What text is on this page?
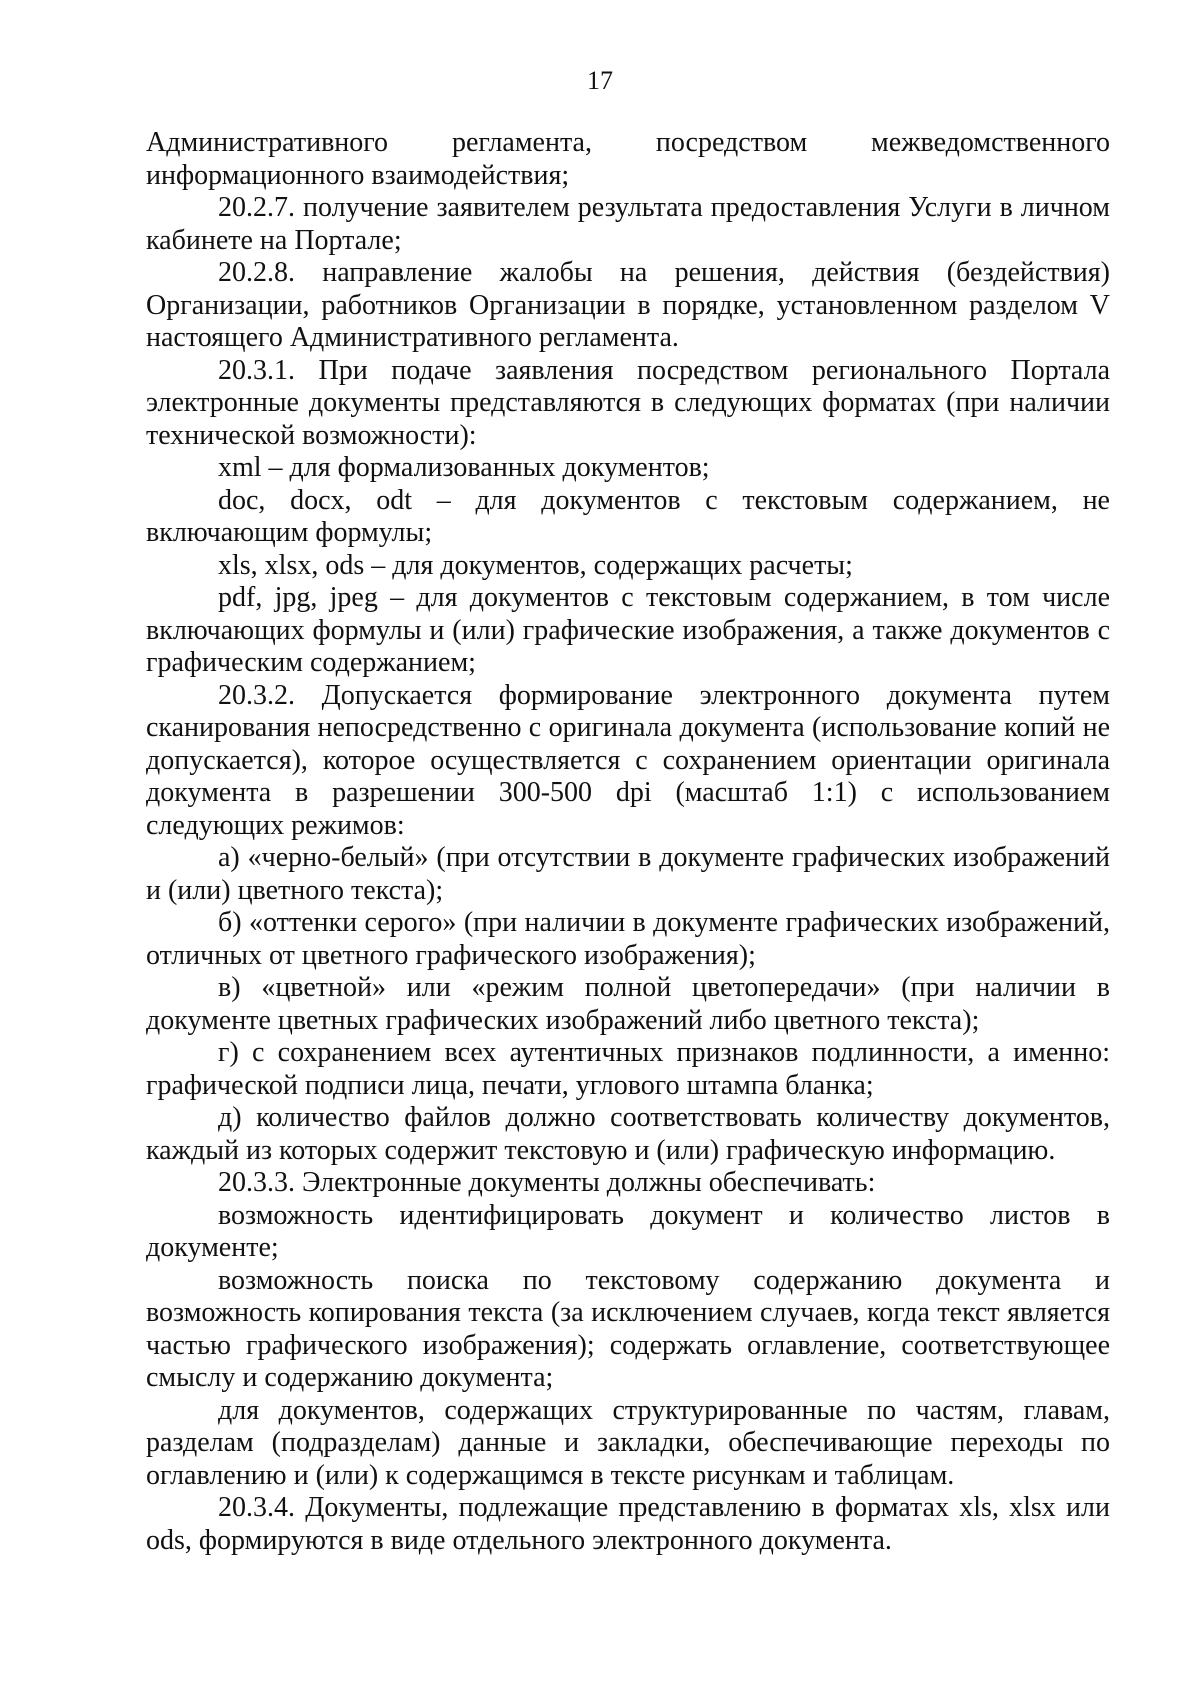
17

Административного регламента, посредством межведомственного информационного взаимодействия;

20.2.7. получение заявителем результата предоставления Услуги в личном кабинете на Портале;

20.2.8. направление жалобы на решения, действия (бездействия) Организации, работников Организации в порядке, установленном разделом V настоящего Административного регламента.

20.3.1. При подаче заявления посредством регионального Портала электронные документы представляются в следующих форматах (при наличии технической возможности):

xml – для формализованных документов;

doc, docx, odt – для документов с текстовым содержанием, не включающим формулы;

xls, xlsx, ods – для документов, содержащих расчеты;

pdf, jpg, jpeg – для документов с текстовым содержанием, в том числе включающих формулы и (или) графические изображения, а также документов с графическим содержанием;

20.3.2. Допускается формирование электронного документа путем сканирования непосредственно с оригинала документа (использование копий не допускается), которое осуществляется с сохранением ориентации оригинала документа в разрешении 300-500 dpi (масштаб 1:1) с использованием следующих режимов:

а) «черно-белый» (при отсутствии в документе графических изображений и (или) цветного текста);

б) «оттенки серого» (при наличии в документе графических изображений, отличных от цветного графического изображения);

в) «цветной» или «режим полной цветопередачи» (при наличии в документе цветных графических изображений либо цветного текста);

г) с сохранением всех аутентичных признаков подлинности, а именно: графической подписи лица, печати, углового штампа бланка;

д) количество файлов должно соответствовать количеству документов, каждый из которых содержит текстовую и (или) графическую информацию.

20.3.3. Электронные документы должны обеспечивать:

возможность идентифицировать документ и количество листов в документе;

возможность поиска по текстовому содержанию документа и возможность копирования текста (за исключением случаев, когда текст является частью графического изображения); содержать оглавление, соответствующее смыслу и содержанию документа;

для документов, содержащих структурированные по частям, главам, разделам (подразделам) данные и закладки, обеспечивающие переходы по оглавлению и (или) к содержащимся в тексте рисункам и таблицам.

20.3.4. Документы, подлежащие представлению в форматах xls, xlsx или ods, формируются в виде отдельного электронного документа.
